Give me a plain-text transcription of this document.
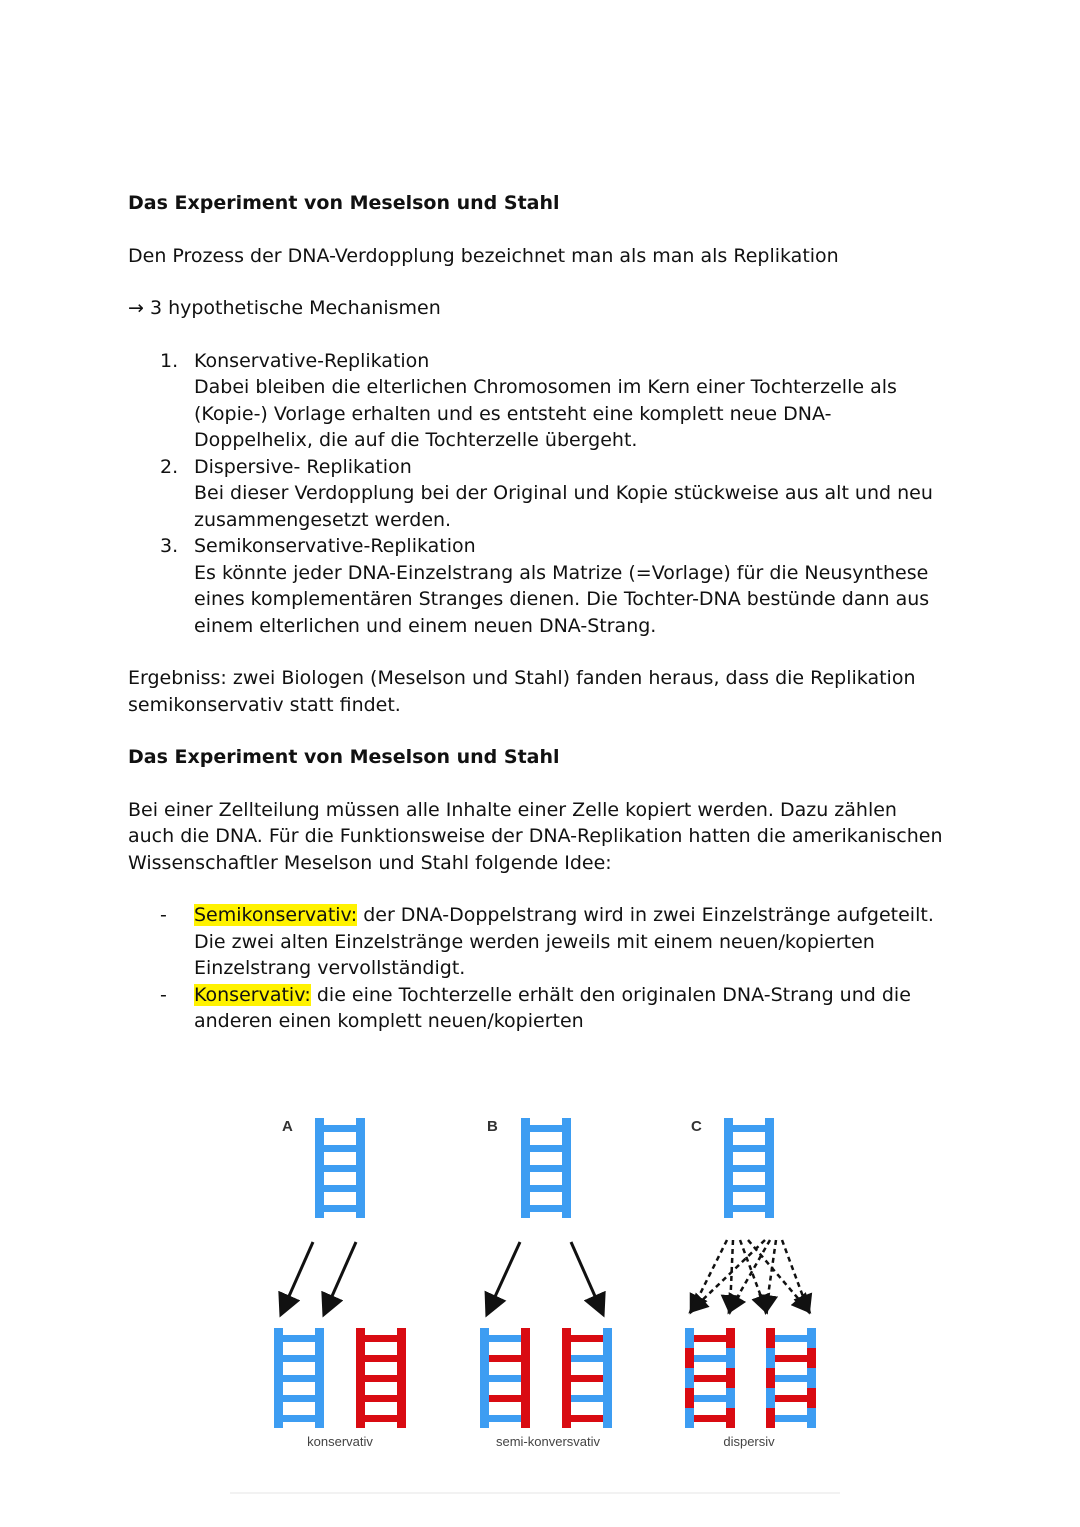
Das Experiment von Meselson und Stahl

Den Prozess der DNA-Verdopplung bezeichnet man als man als Replikation

→ 3 hypothetische Mechanismen

1. Konservative-Replikation
Dabei bleiben die elterlichen Chromosomen im Kern einer Tochterzelle als (Kopie-) Vorlage erhalten und es entsteht eine komplett neue DNA-Doppelhelix, die auf die Tochterzelle übergeht.
2. Dispersive- Replikation
Bei dieser Verdopplung bei der Original und Kopie stückweise aus alt und neu zusammengesetzt werden.
3. Semikonservative-Replikation
Es könnte jeder DNA-Einzelstrang als Matrize (=Vorlage) für die Neusynthese eines komplementären Stranges dienen. Die Tochter-DNA bestünde dann aus einem elterlichen und einem neuen DNA-Strang.

Ergebniss: zwei Biologen (Meselson und Stahl) fanden heraus, dass die Replikation semikonservativ statt findet.

Das Experiment von Meselson und Stahl

Bei einer Zellteilung müssen alle Inhalte einer Zelle kopiert werden. Dazu zählen auch die DNA. Für die Funktionsweise der DNA-Replikation hatten die amerikanischen Wissenschaftler Meselson und Stahl folgende Idee:

- Semikonservativ: der DNA-Doppelstrang wird in zwei Einzelstränge aufgeteilt. Die zwei alten Einzelstränge werden jeweils mit einem neuen/kopierten Einzelstrang vervollständigt.
- Konservativ: die eine Tochterzelle erhält den originalen DNA-Strang und die anderen einen komplett neuen/kopierten
A	B	C
konservativ	semi-konversvativ	dispersiv
